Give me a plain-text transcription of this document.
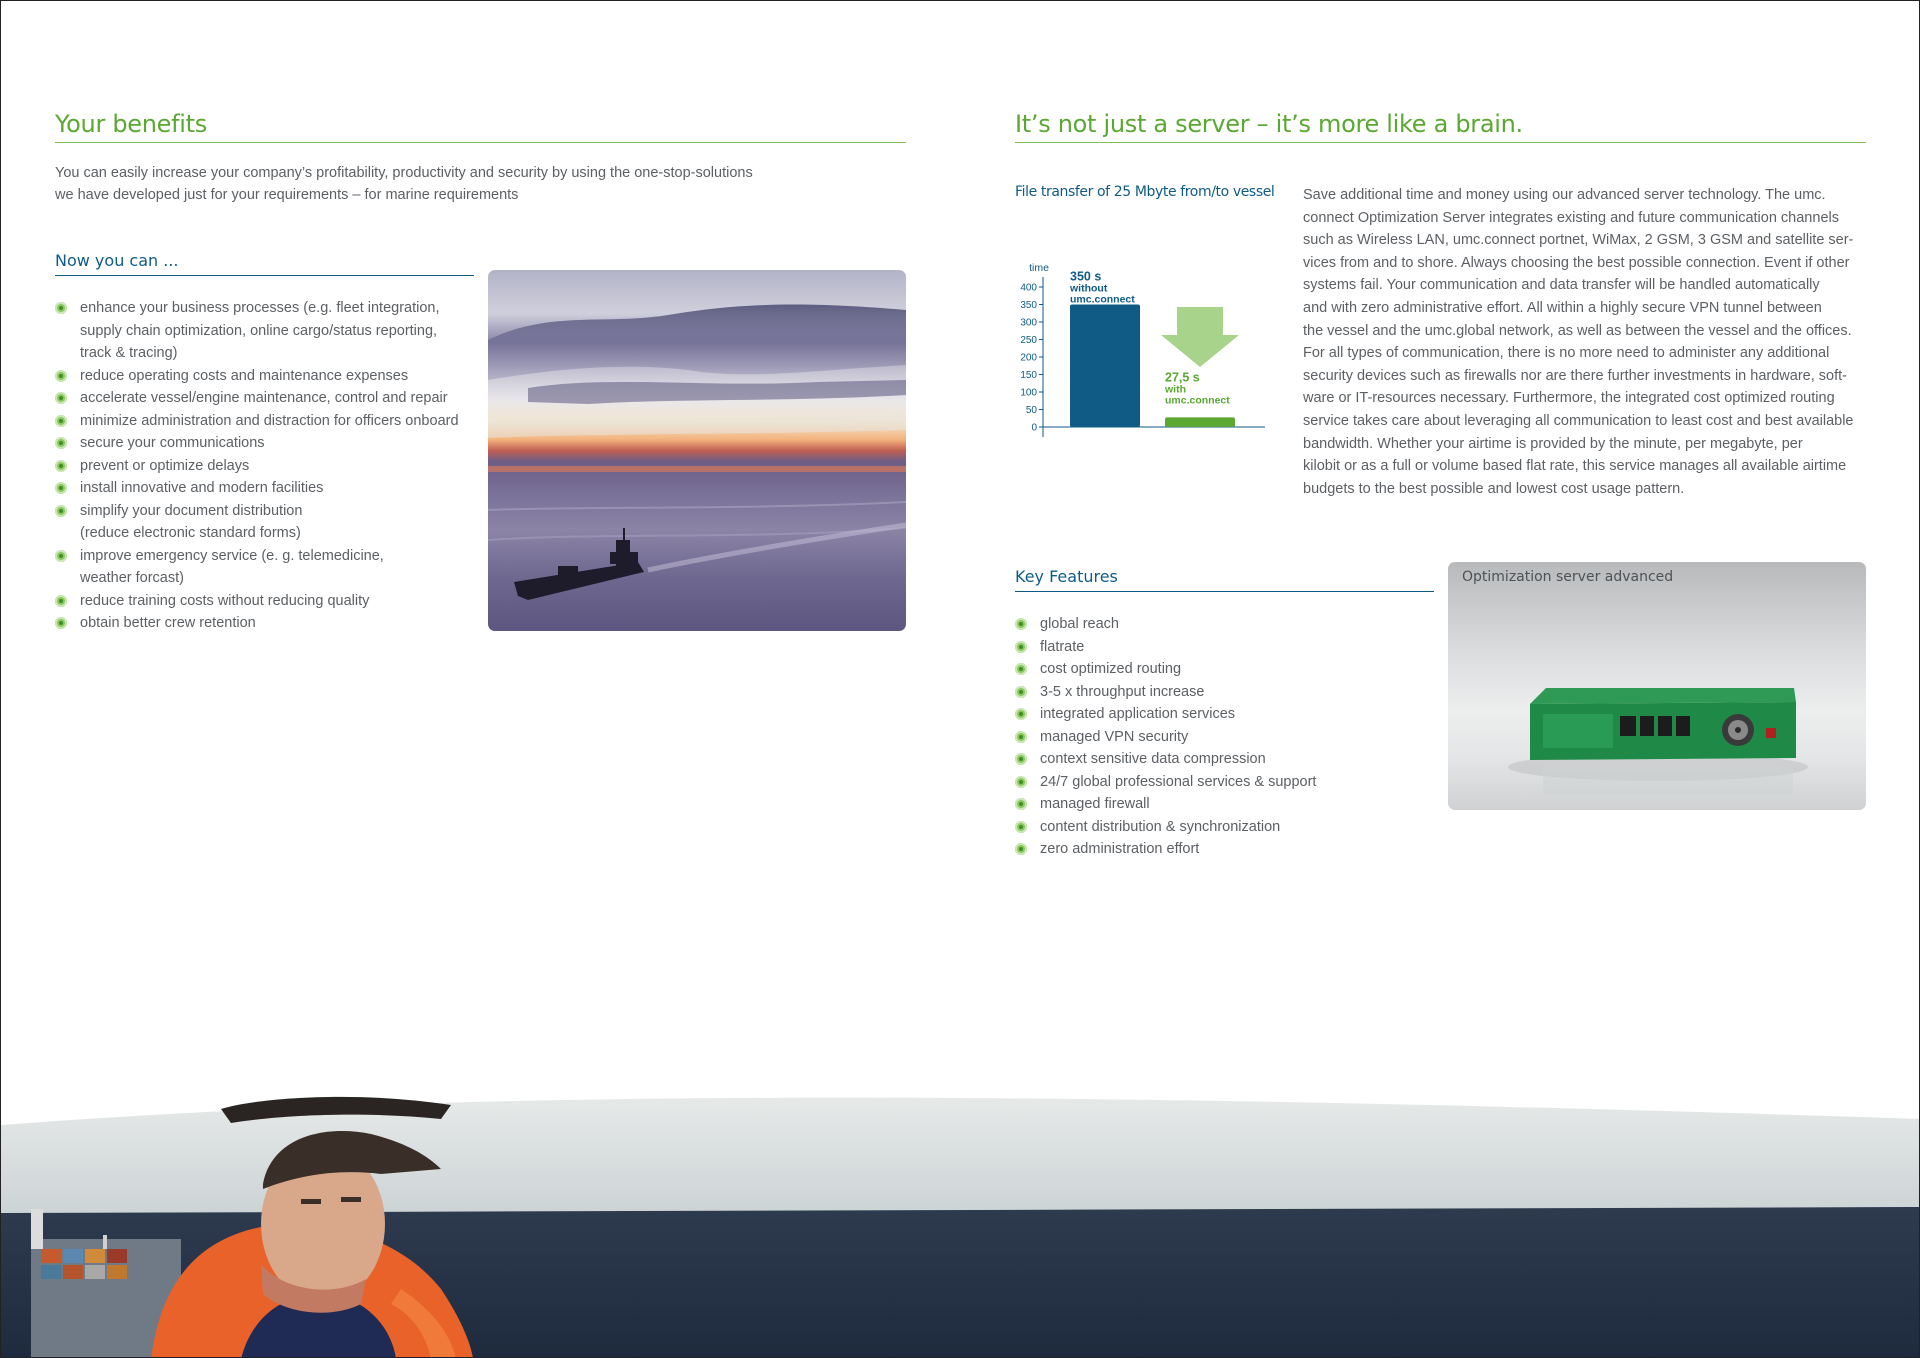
Your benefits

You can easily increase your company’s profitability, productivity and security by using the one-stop-solutions

we have developed just for your requirements – for marine requirements

Now you can ...
enhance your business processes (e.g. fleet integration,
supply chain optimization, online cargo/status reporting,
track & tracing)
reduce operating costs and maintenance expenses
accelerate vessel/engine maintenance, control and repair
minimize administration and distraction for officers onboard
secure your communications
prevent or optimize delays
install innovative and modern facilities
simplify your document distribution
(reduce electronic standard forms)
improve emergency service (e. g. telemedicine,
weather forcast)
reduce training costs without reducing quality
obtain better crew retention
It’s not just a server – it’s more like a brain.

File transfer of 25 Mbyte from/to vessel

time
0
50
100
150
200
250
300
350
400
350 s
without
umc.connect
27,5 s
with
umc.connect

Save additional time and money using our advanced server technology. The umc.

connect Optimization Server integrates existing and future communication channels

such as Wireless LAN, umc.connect portnet, WiMax, 2 GSM, 3 GSM and satellite ser-

vices from and to shore. Always choosing the best possible connection. Event if other

systems fail. Your communication and data transfer will be handled automatically

and with zero administrative effort. All within a highly secure VPN tunnel between

the vessel and the umc.global network, as well as between the vessel and the offices.

For all types of communication, there is no more need to administer any additional

security devices such as firewalls nor are there further investments in hardware, soft-

ware or IT-resources necessary. Furthermore, the integrated cost optimized routing

service takes care about leveraging all communication to least cost and best available

bandwidth. Whether your airtime is provided by the minute, per megabyte, per

kilobit or as a full or volume based flat rate, this service manages all available airtime

budgets to the best possible and lowest cost usage pattern.

Key Features
global reach
flatrate
cost optimized routing
3-5 x throughput increase
integrated application services
managed VPN security
context sensitive data compression
24/7 global professional services & support
managed firewall
content distribution & synchronization
zero administration effort
Optimization server advanced
